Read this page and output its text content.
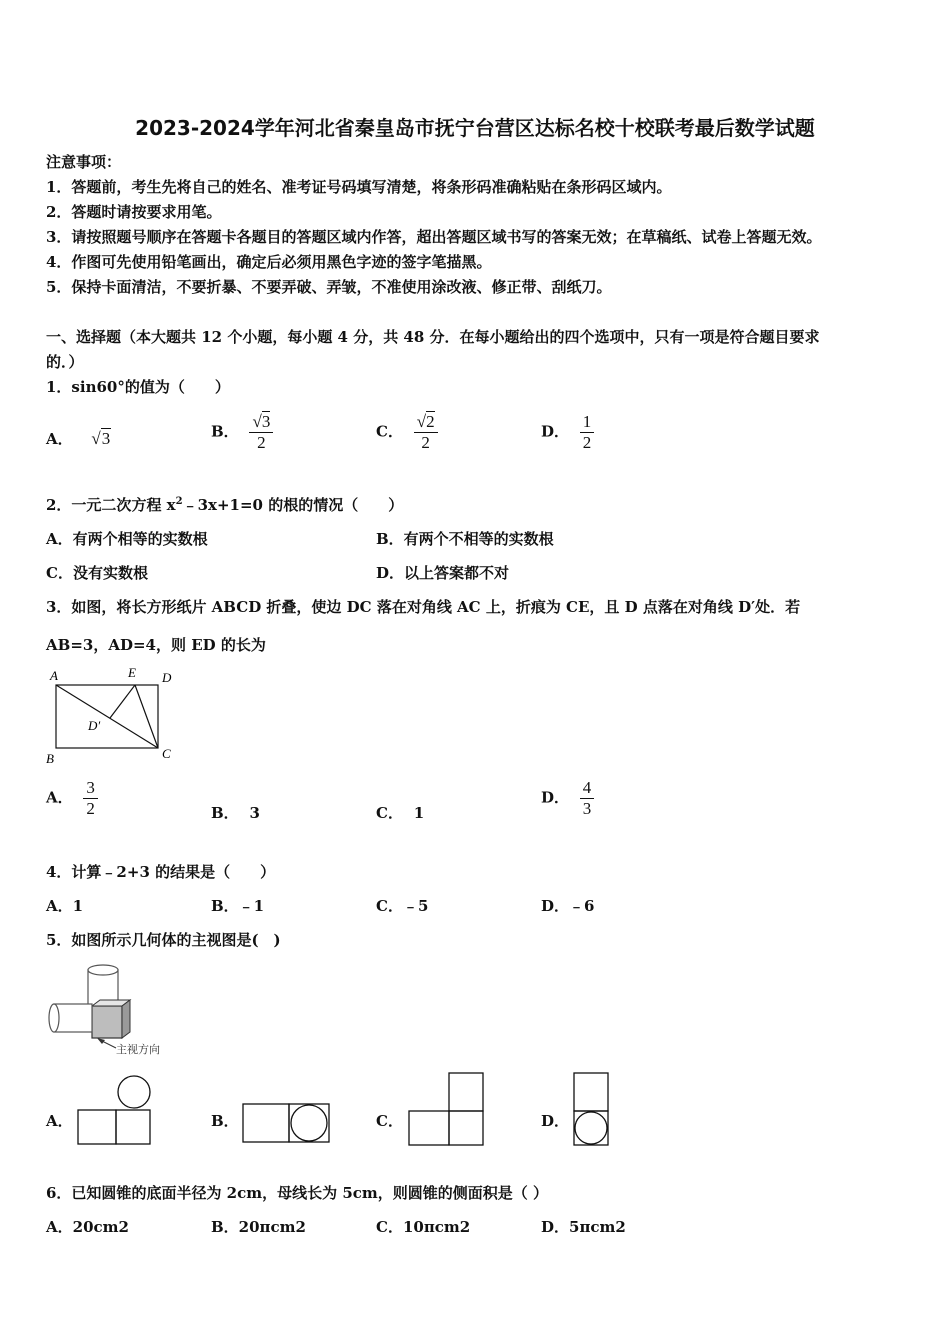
2023-2024学年河北省秦皇岛市抚宁台营区达标名校十校联考最后数学试题
注意事项：
1．答题前，考生先将自己的姓名、准考证号码填写清楚，将条形码准确粘贴在条形码区域内。
2．答题时请按要求用笔。
3．请按照题号顺序在答题卡各题目的答题区域内作答，超出答题区域书写的答案无效；在草稿纸、试卷上答题无效。
4．作图可先使用铅笔画出，确定后必须用黑色字迹的签字笔描黑。
5．保持卡面清洁，不要折暴、不要弄破、弄皱，不准使用涂改液、修正带、刮纸刀。
一、选择题（本大题共 12 个小题，每小题 4 分，共 48 分．在每小题给出的四个选项中，只有一项是符合题目要求
的．）
1．sin60°的值为（　　）
A． √3	B． $\frac{√3}{2}$	C． $\frac{√2}{2}$	D． $\frac{1}{2}$
2．一元二次方程 $x^2﹣3x+1=0$ 的根的情况（　　）
A．有两个相等的实数根	B．有两个不相等的实数根
C．没有实数根	D．以上答案都不对
3．如图，将长方形纸片 ABCD 折叠，使边 DC 落在对角线 AC 上，折痕为 CE，且 D 点落在对角线 D′处．若
AB=3，AD=4，则 ED 的长为
A	E D
D′
B	C
A． $\frac{3}{2}$	B． 3	C． 1
D． $\frac{4}{3}$
4．计算﹣2+3 的结果是（　　）
A．1	B．﹣1	C．﹣5	D．﹣6
5．如图所示几何体的主视图是(　)
主视方向
A．	B．	C．	D．
6．已知圆锥的底面半径为 2cm，母线长为 5cm，则圆锥的侧面积是（ ）
A．20cm2	B．20πcm2	C．10πcm2	D．5πcm2
